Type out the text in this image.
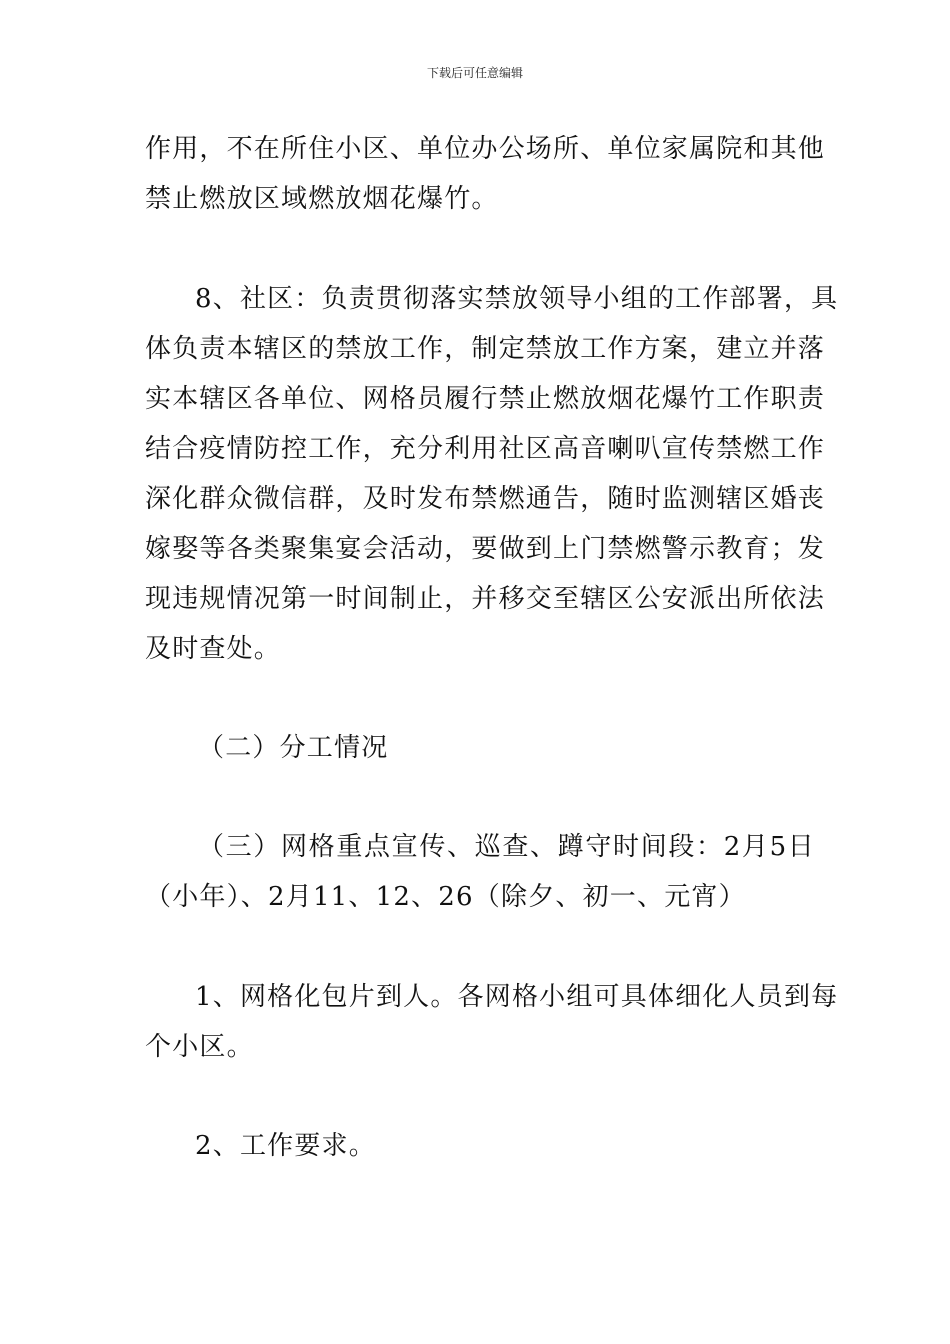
下载后可任意编辑
作用，不在所住小区、单位办公场所、单位家属院和其他
禁止燃放区域燃放烟花爆竹。
8、社区：负责贯彻落实禁放领导小组的工作部署，具
体负责本辖区的禁放工作，制定禁放工作方案，建立并落
实本辖区各单位、网格员履行禁止燃放烟花爆竹工作职责
结合疫情防控工作，充分利用社区高音喇叭宣传禁燃工作
深化群众微信群，及时发布禁燃通告，随时监测辖区婚丧
嫁娶等各类聚集宴会活动，要做到上门禁燃警示教育；发
现违规情况第一时间制止，并移交至辖区公安派出所依法
及时查处。
（二）分工情况
（三）网格重点宣传、巡查、蹲守时间段：2月5日
（小年）、2月11、12、26（除夕、初一、元宵）
1、网格化包片到人。各网格小组可具体细化人员到每
个小区。
2、工作要求。
